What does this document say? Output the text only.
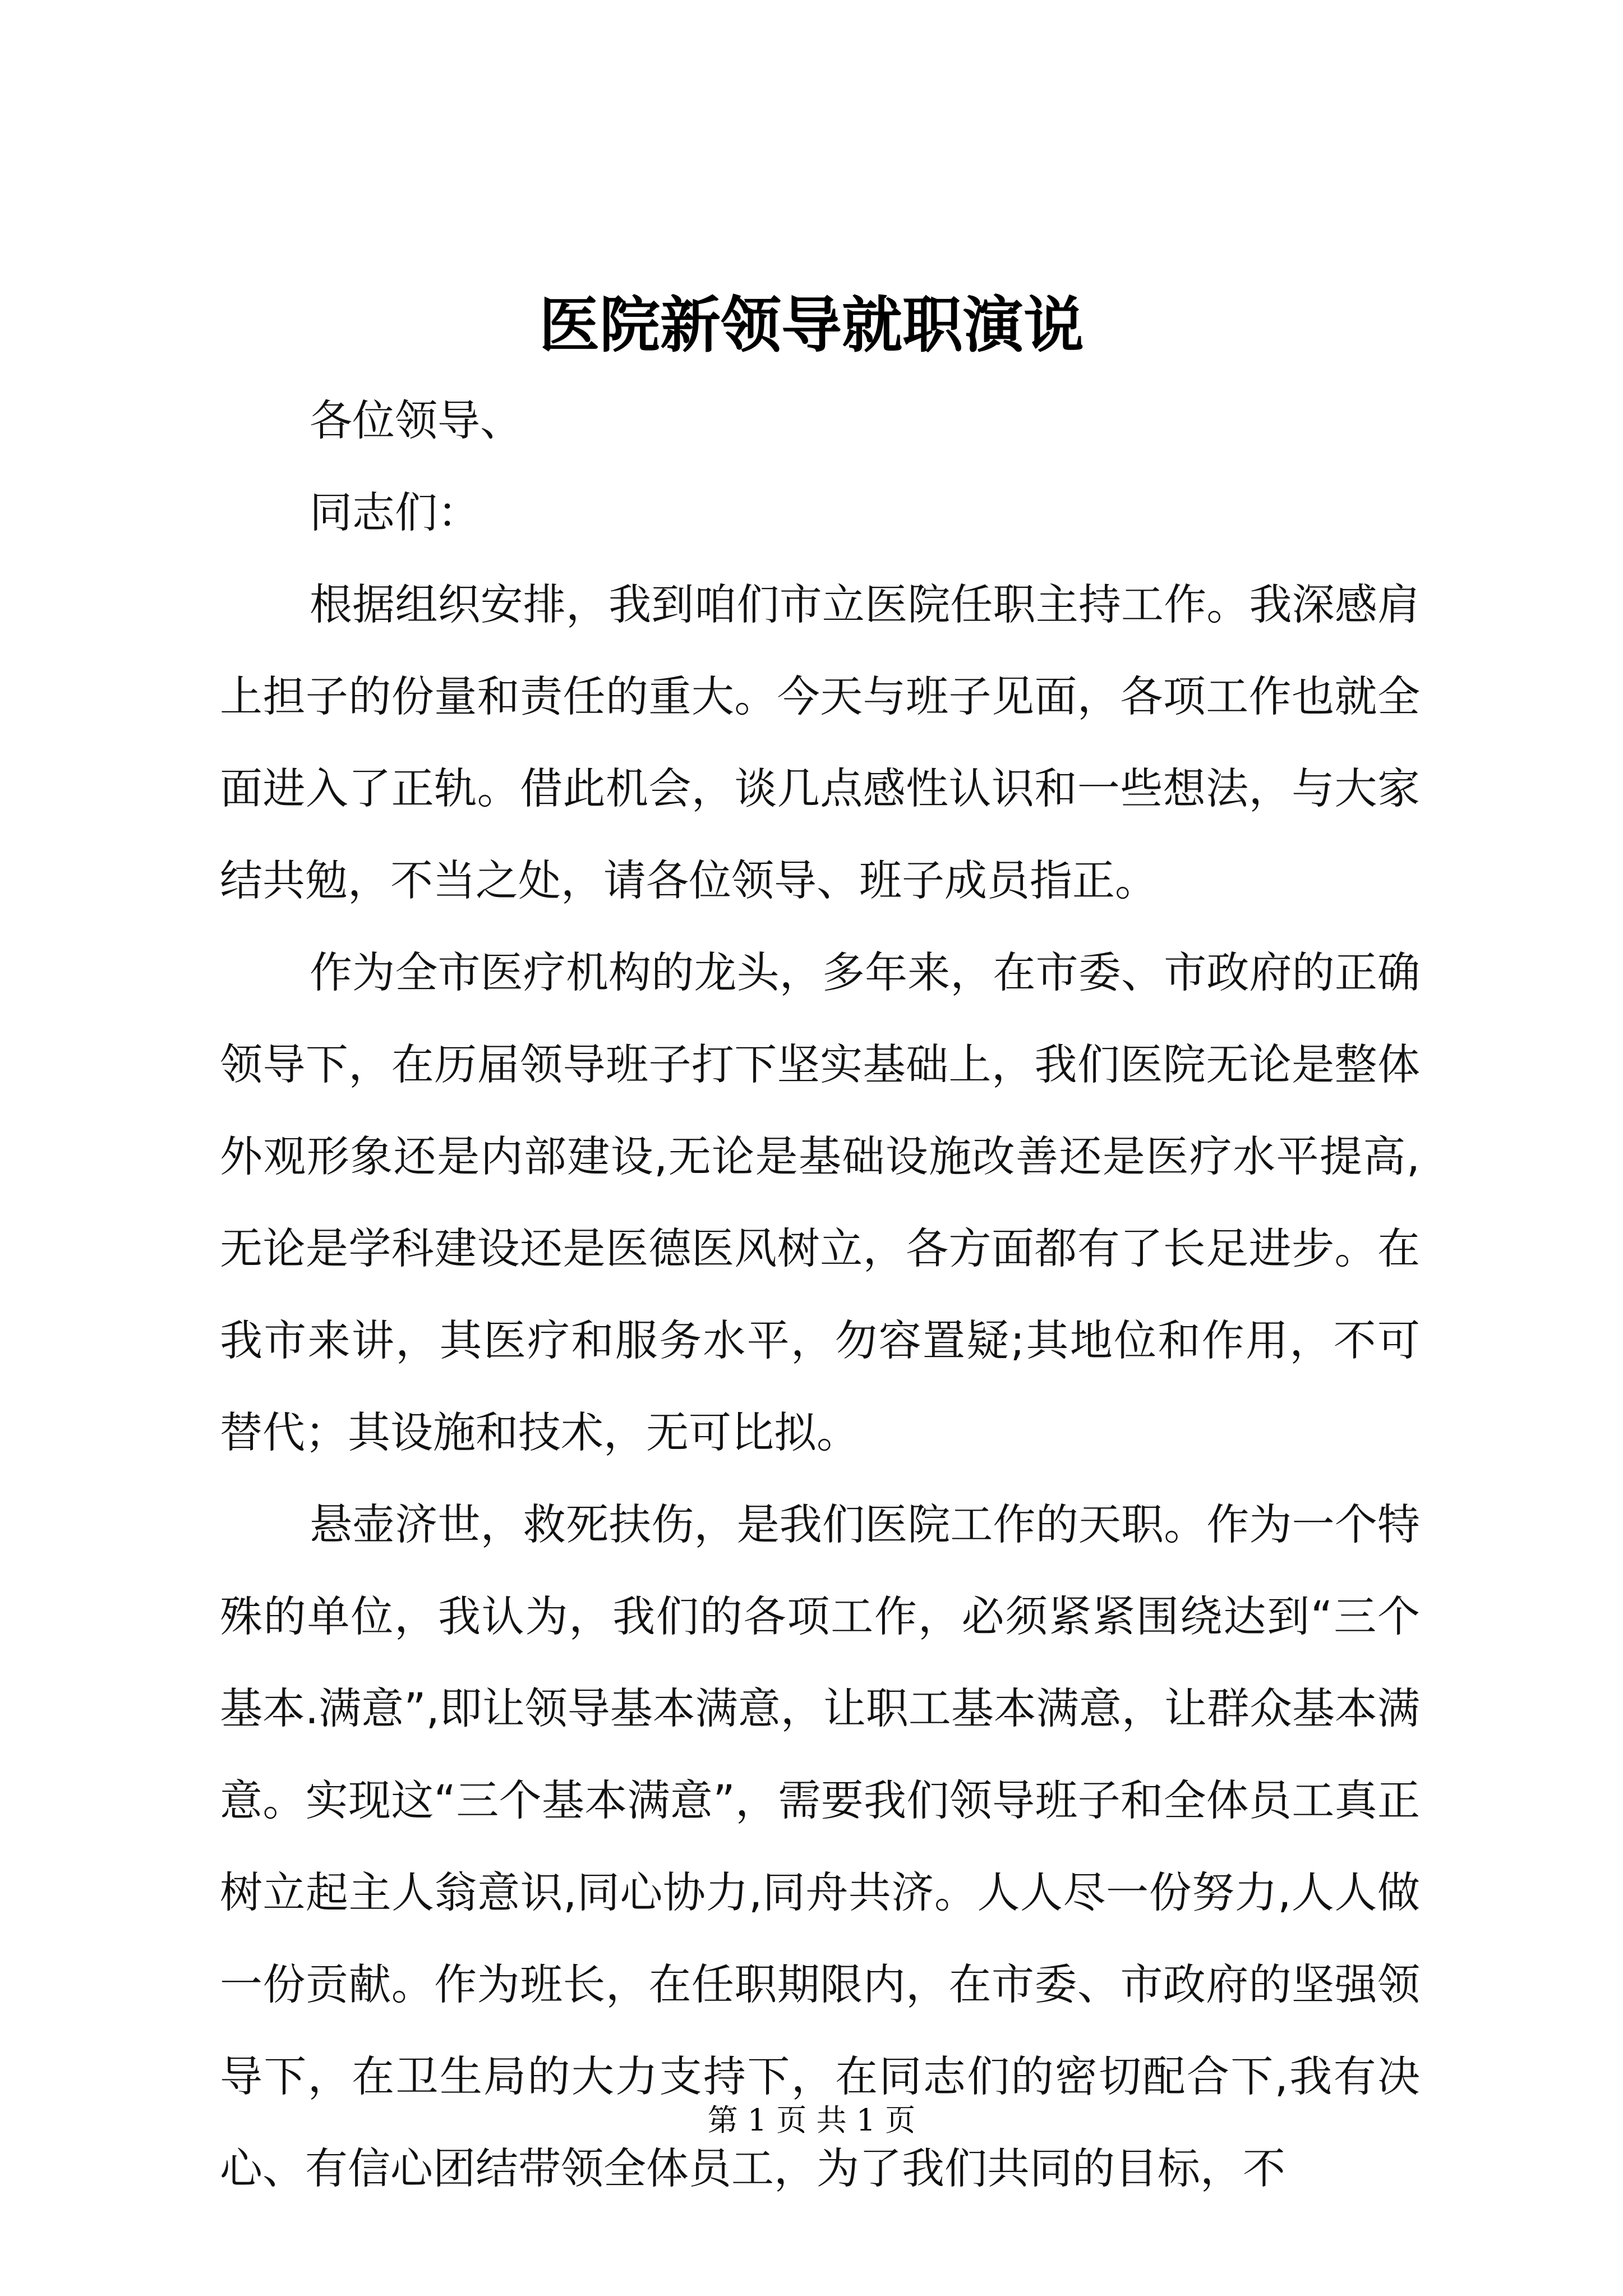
医院新领导就职演说

各位领导、

同志们：

根据组织安排，我到咱们市立医院任职主持工作。我深感肩上担子的份量和责任的重大。今天与班子见面，各项工作也就全面进入了正轨。借此机会，谈几点感性认识和一些想法，与大家结共勉，不当之处，请各位领导、班子成员指正。

作为全市医疗机构的龙头，多年来，在市委、市政府的正确领导下，在历届领导班子打下坚实基础上，我们医院无论是整体外观形象还是内部建设,无论是基础设施改善还是医疗水平提高,无论是学科建设还是医德医风树立，各方面都有了长足进步。在我市来讲，其医疗和服务水平，勿容置疑;其地位和作用，不可替代；其设施和技术，无可比拟。

悬壶济世，救死扶伤，是我们医院工作的天职。作为一个特殊的单位，我认为，我们的各项工作，必须紧紧围绕达到“三个基本.满意”,即让领导基本满意，让职工基本满意，让群众基本满意。实现这“三个基本满意”，需要我们领导班子和全体员工真正树立起主人翁意识,同心协力,同舟共济。人人尽一份努力,人人做一份贡献。作为班长，在任职期限内，在市委、市政府的坚强领导下，在卫生局的大力支持下，在同志们的密切配合下,我有决心、有信心团结带领全体员工，为了我们共同的目标，不

第 1 页 共 1 页
